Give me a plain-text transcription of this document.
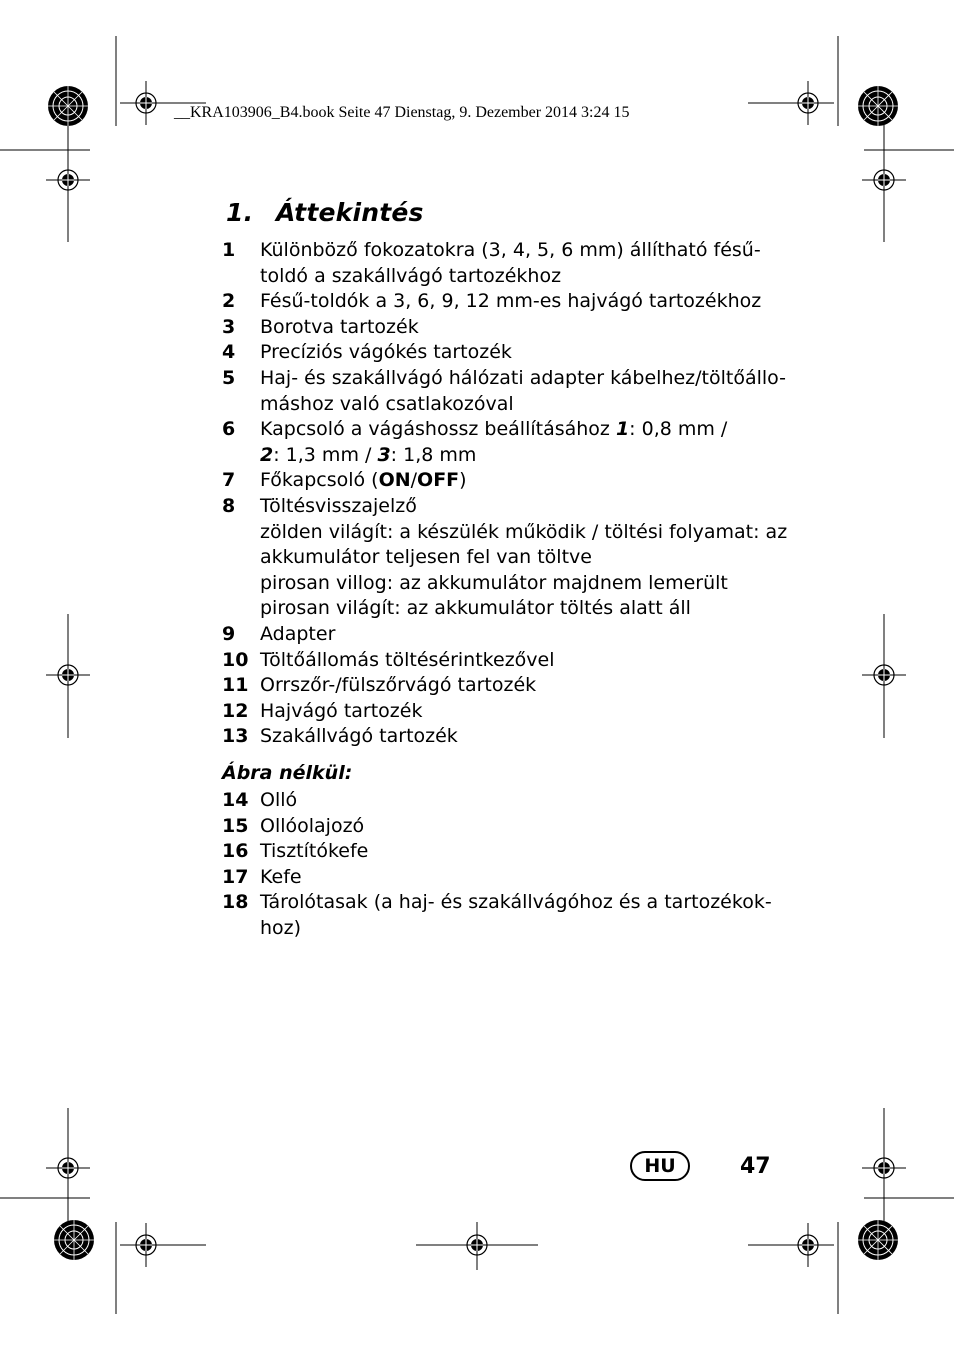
__KRA103906_B4.book Seite 47 Dienstag, 9. Dezember 2014 3:24 15
1. Áttekintés
1	Különböző fokozatokra (3, 4, 5, 6 mm) állítható fésű-
toldó a szakállvágó tartozékhoz
2	Fésű-toldók a 3, 6, 9, 12 mm-es hajvágó tartozékhoz
3	Borotva tartozék
4	Precíziós vágókés tartozék
5	Haj- és szakállvágó hálózati adapter kábelhez/töltőállo-
máshoz való csatlakozóval
6	Kapcsoló a vágáshossz beállításához 1: 0,8 mm /
2: 1,3 mm / 3: 1,8 mm
7	Főkapcsoló (ON/OFF)
8	Töltésvisszajelző
zölden világít: a készülék működik / töltési folyamat: az
akkumulátor teljesen fel van töltve
pirosan villog: az akkumulátor majdnem lemerült
pirosan világít: az akkumulátor töltés alatt áll
9	Adapter
10 Töltőállomás töltésérintkezővel
11 Orrszőr-/fülszőrvágó tartozék
12 Hajvágó tartozék
13 Szakállvágó tartozék
Ábra nélkül:
14 Olló
15 Ollóolajozó
16 Tisztítókefe
17 Kefe
18 Tárolótasak (a haj- és szakállvágóhoz és a tartozékok-
hoz)
HU	47
